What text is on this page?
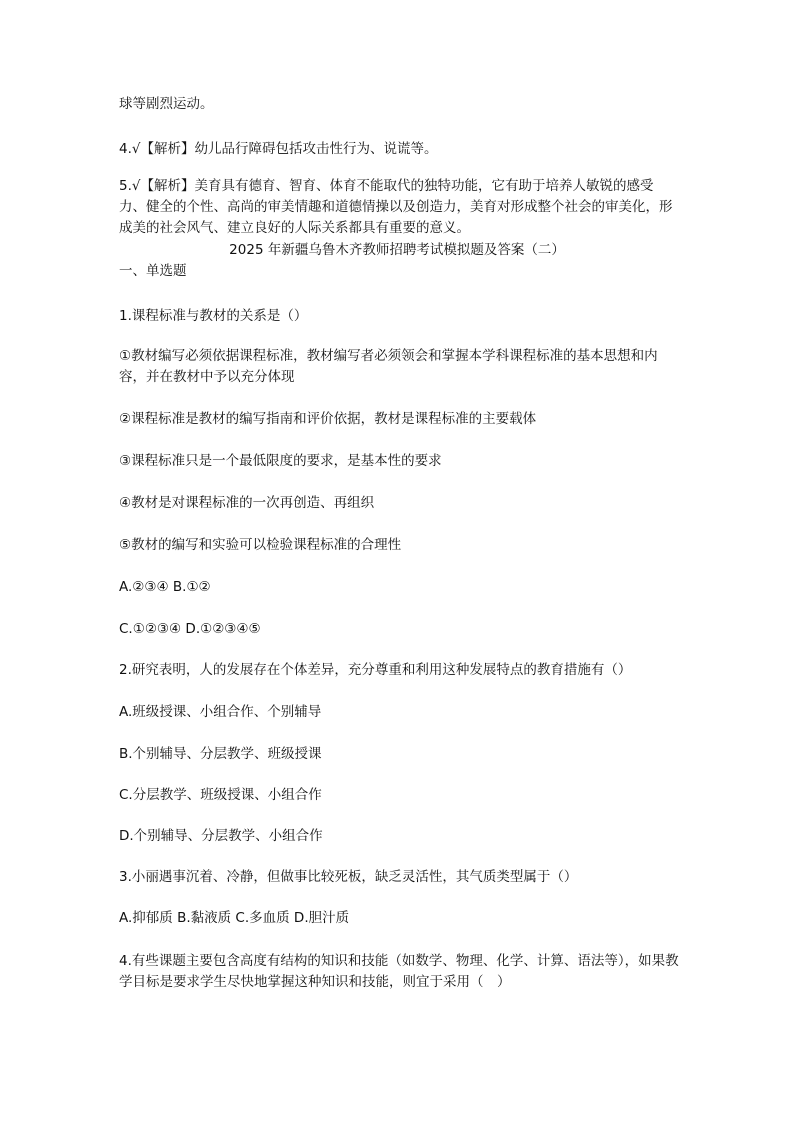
球等剧烈运动。
4.√【解析】幼儿品行障碍包括攻击性行为、说谎等。
5.√【解析】美育具有德育、智育、体育不能取代的独特功能，它有助于培养人敏锐的感受力、健全的个性、高尚的审美情趣和道德情操以及创造力，美育对形成整个社会的审美化，形成美的社会风气、建立良好的人际关系都具有重要的意义。
2025 年新疆乌鲁木齐教师招聘考试模拟题及答案（二）
一、单选题
1.课程标准与教材的关系是（）
①教材编写必须依据课程标准，教材编写者必须领会和掌握本学科课程标准的基本思想和内容，并在教材中予以充分体现
②课程标准是教材的编写指南和评价依据，教材是课程标准的主要载体
③课程标准只是一个最低限度的要求，是基本性的要求
④教材是对课程标准的一次再创造、再组织
⑤教材的编写和实验可以检验课程标准的合理性
A.②③④ B.①②
C.①②③④ D.①②③④⑤
2.研究表明，人的发展存在个体差异，充分尊重和利用这种发展特点的教育措施有（）
A.班级授课、小组合作、个别辅导
B.个别辅导、分层教学、班级授课
C.分层教学、班级授课、小组合作
D.个别辅导、分层教学、小组合作
3.小丽遇事沉着、冷静，但做事比较死板，缺乏灵活性，其气质类型属于（）
A.抑郁质 B.黏液质 C.多血质 D.胆汁质
4.有些课题主要包含高度有结构的知识和技能（如数学、物理、化学、计算、语法等），如果教学目标是要求学生尽快地掌握这种知识和技能，则宜于采用（　）
